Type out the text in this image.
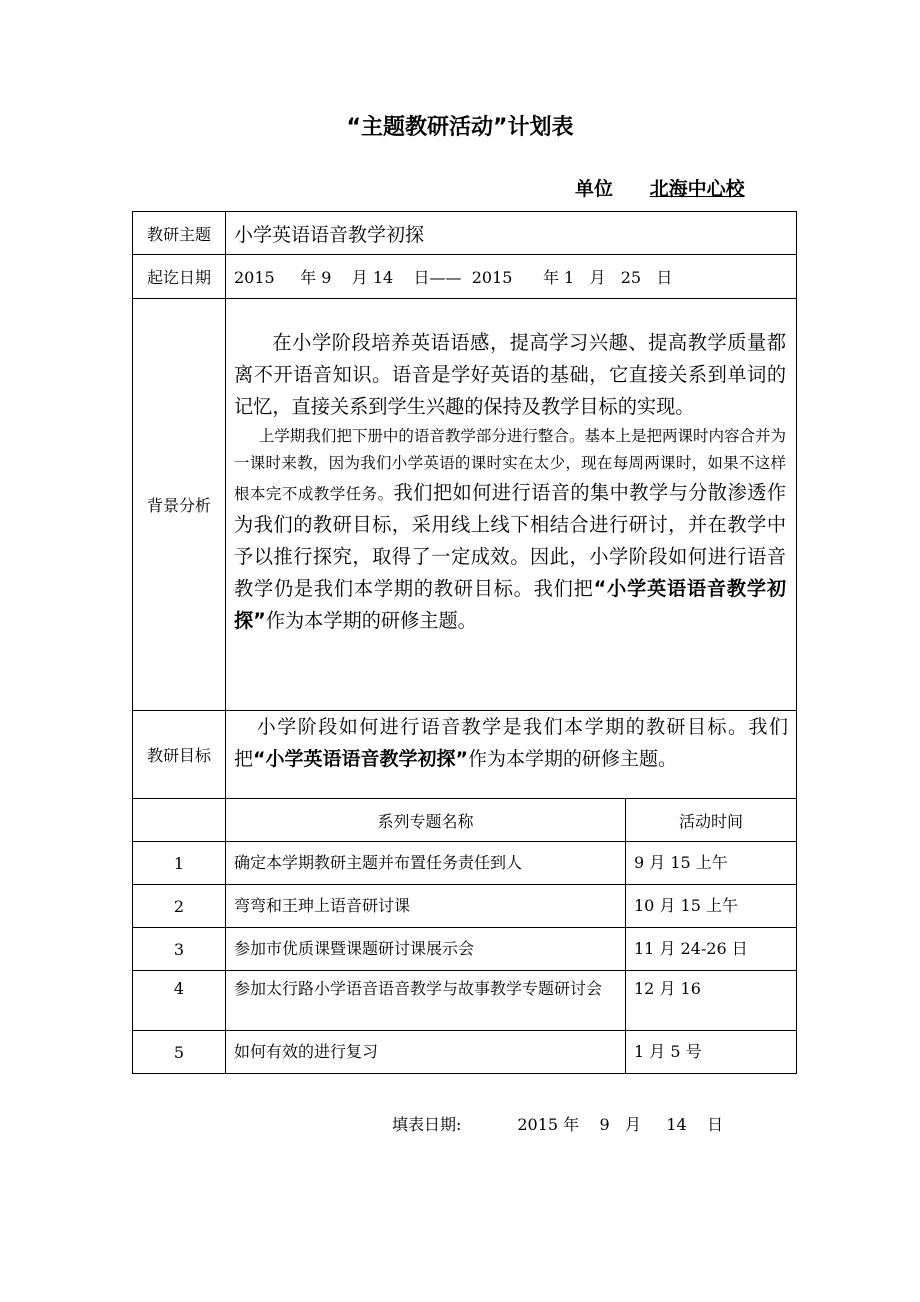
“主题教研活动”计划表
单位 北海中心校
教研主题	小学英语语音教学初探	
起讫日期	2015     年 9    月 14    日——  2015      年 1   月   25   日	
背景分析	在小学阶段培养英语语感，提高学习兴趣、提高教学质量都离不开语音知识。语音是学好英语的基础，它直接关系到单词的记忆，直接关系到学生兴趣的保持及教学目标的实现。

上学期我们把下册中的语音教学部分进行整合。基本上是把两课时内容合并为一课时来教，因为我们小学英语的课时实在太少，现在每周两课时，如果不这样根本完不成教学任务。我们把如何进行语音的集中教学与分散渗透作为我们的教研目标，采用线上线下相结合进行研讨，并在教学中予以推行探究，取得了一定成效。因此，小学阶段如何进行语音教学仍是我们本学期的教研目标。我们把“小学英语语音教学初探”作为本学期的研修主题。	

教研目标	小学阶段如何进行语音教学是我们本学期的教研目标。我们把“小学英语语音教学初探”作为本学期的研修主题。	

	系列专题名称	活动时间
1	确定本学期教研主题并布置任务责任到人	9 月 15 上午
2	弯弯和王珅上语音研讨课	10 月 15 上午
3	参加市优质课暨课题研讨课展示会	11 月 24-26 日
4	参加太行路小学语音语音教学与故事教学专题研讨会	12 月 16
5	如何有效的进行复习	1 月 5 号
填表日期:	2015 年    9   月     14    日
